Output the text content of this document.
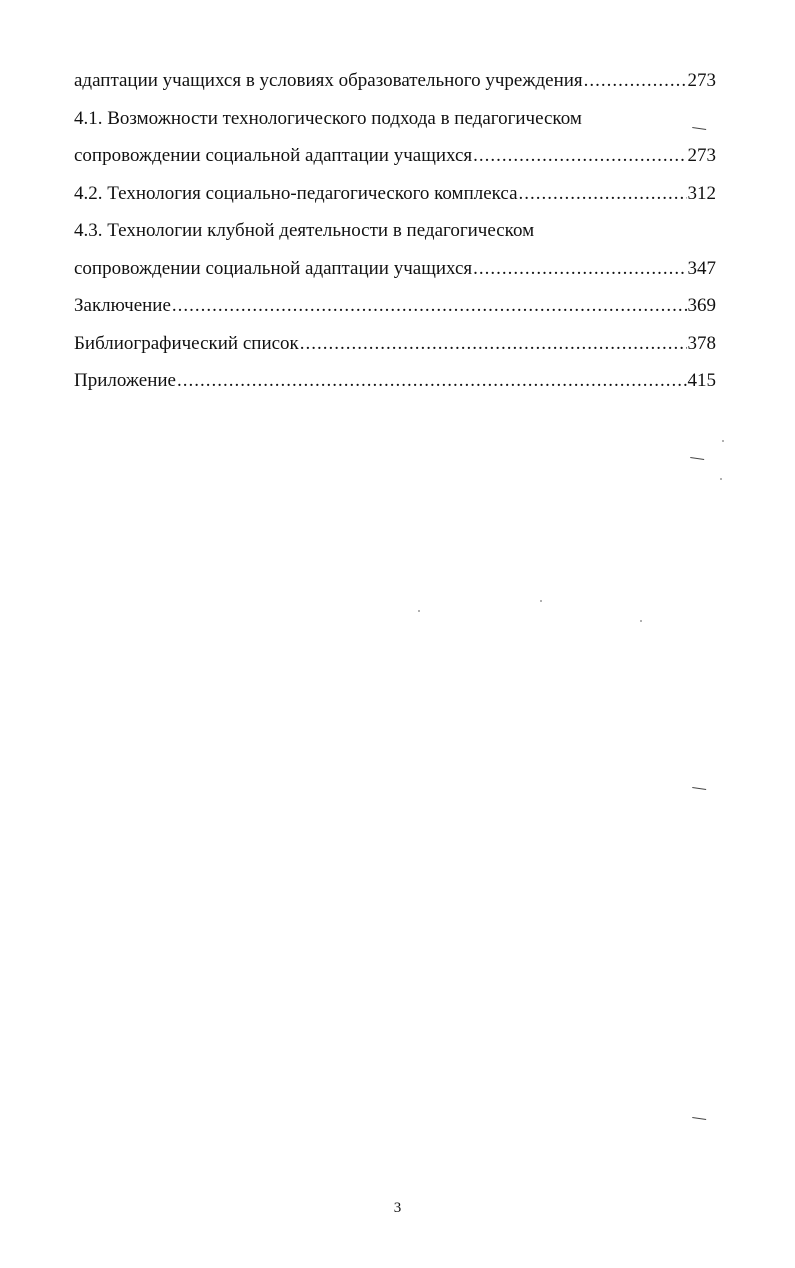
адаптации учащихся в условиях образовательного учреждения .....	273
4.1. Возможности технологического подхода в педагогическом
сопровождении социальной адаптации учащихся .....	273
4.2. Технология социально-педагогического комплекса .....	312
4.3. Технологии клубной деятельности в педагогическом
сопровождении социальной адаптации учащихся .....	347
Заключение .....	369
Библиографический список .....	378
Приложение .....	415
3
